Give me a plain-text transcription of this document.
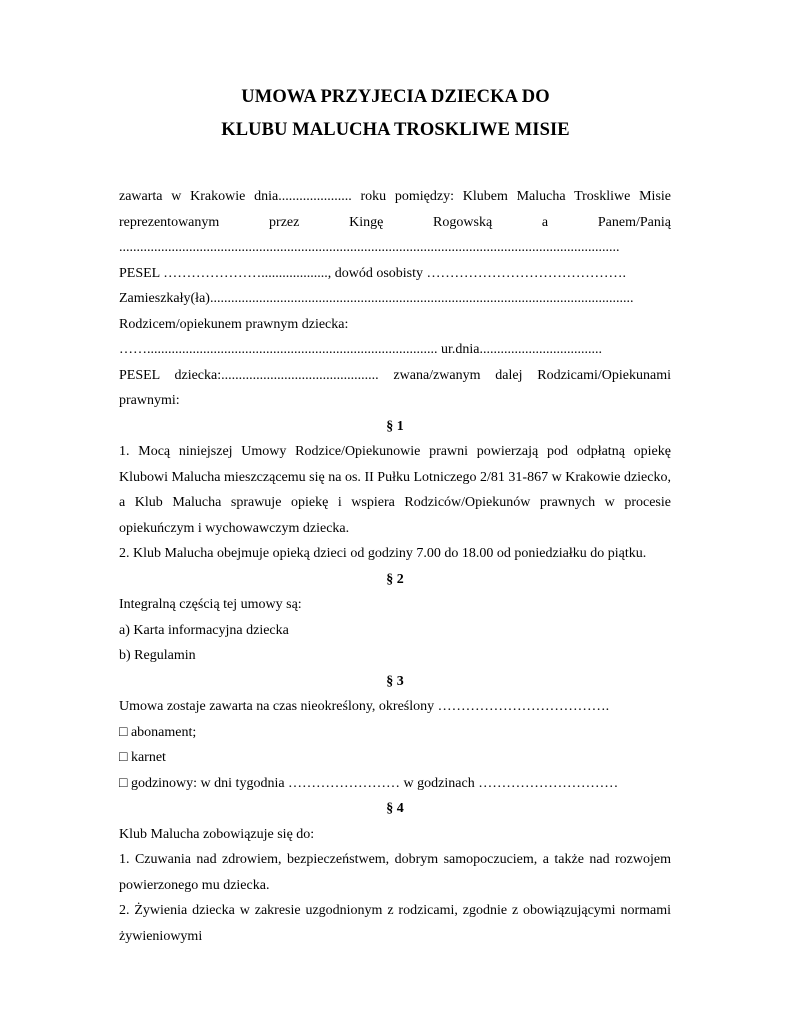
UMOWA PRZYJECIA DZIECKA DO
KLUBU MALUCHA TROSKLIWE MISIE
zawarta w Krakowie dnia..................... roku pomiędzy: Klubem Malucha Troskliwe Misie
reprezentowanym przez Kingę Rogowską a Panem/Panią
...............................................................................................................................................
PESEL …………………..................., dowód osobisty …………………………………….
Zamieszkały(ła).........................................................................................................................
Rodzicem/opiekunem prawnym dziecka:
……................................................................................... ur.dnia...................................
PESEL dziecka:............................................. zwana/zwanym dalej Rodzicami/Opiekunami
prawnymi:
§ 1
1. Mocą niniejszej Umowy Rodzice/Opiekunowie prawni powierzają pod odpłatną opiekę Klubowi Malucha mieszczącemu się na os. II Pułku Lotniczego 2/81 31-867 w Krakowie dziecko, a Klub Malucha sprawuje opiekę i wspiera Rodziców/Opiekunów prawnych w procesie opiekuńczym i wychowawczym dziecka.
2. Klub Malucha obejmuje opieką dzieci od godziny 7.00 do 18.00 od poniedziałku do piątku.
§ 2
Integralną częścią tej umowy są:
a) Karta informacyjna dziecka
b) Regulamin
§ 3
Umowa zostaje zawarta na czas nieokreślony, określony ……………………………….
□ abonament;
□ karnet
□ godzinowy: w dni tygodnia …………………… w godzinach …………………………
§ 4
Klub Malucha zobowiązuje się do:
1. Czuwania nad zdrowiem, bezpieczeństwem, dobrym samopoczuciem, a także nad rozwojem powierzonego mu dziecka.
2. Żywienia dziecka w zakresie uzgodnionym z rodzicami, zgodnie z obowiązującymi normami żywieniowymi
